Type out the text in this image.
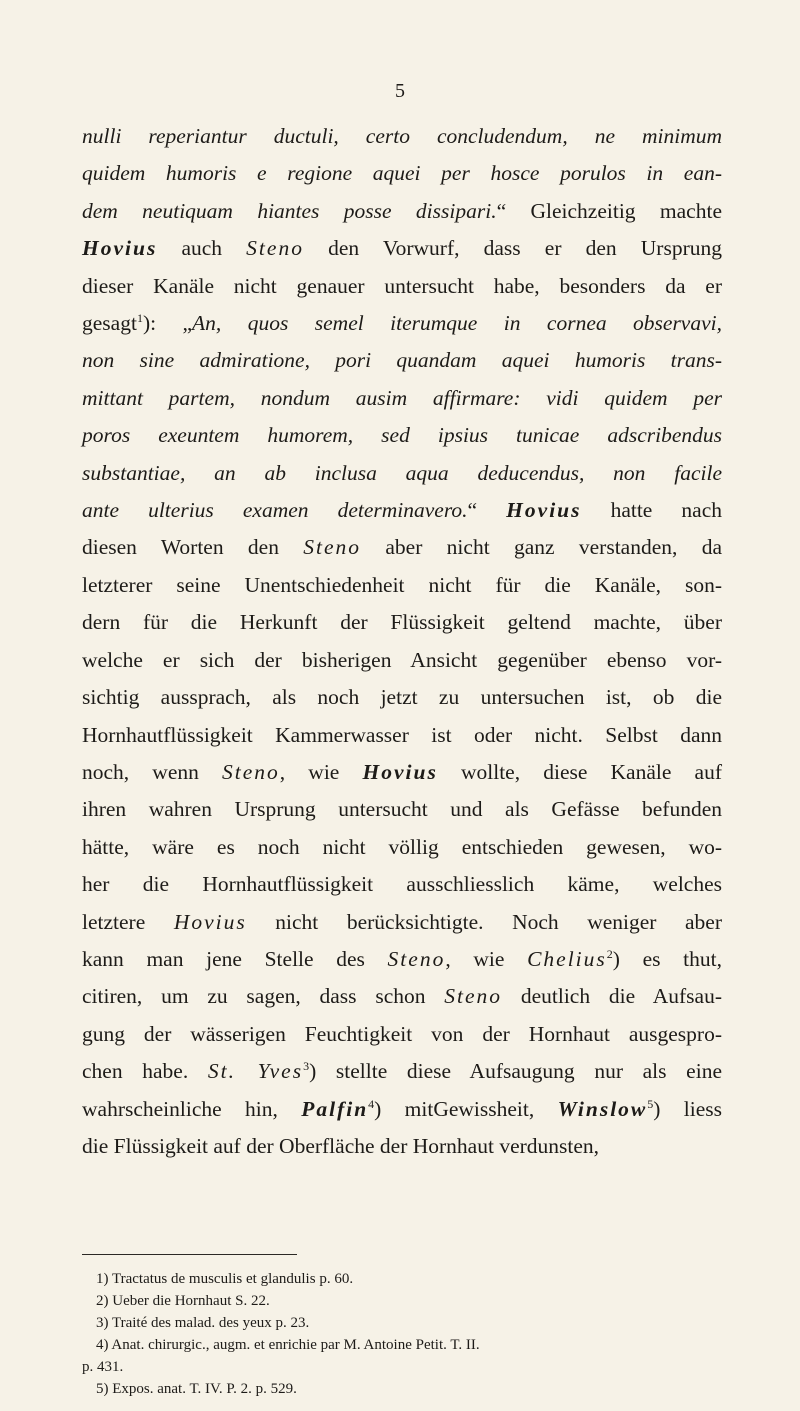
5
nulli reperiantur ductuli, certo concludendum, ne minimum
quidem humoris e regione aquei per hosce porulos in ean-
dem neutiquam hiantes posse dissipari.“ Gleichzeitig machte
Hovius auch Steno den Vorwurf, dass er den Ursprung
dieser Kanäle nicht genauer untersucht habe, besonders da er
gesagt$^1$): „An, quos semel iterumque in cornea observavi,
non sine admiratione, pori quandam aquei humoris trans-
mittant partem, nondum ausim affirmare: vidi quidem per
poros exeuntem humorem, sed ipsius tunicae adscribendus
substantiae, an ab inclusa aqua deducendus, non facile
ante ulterius examen determinavero.“ Hovius hatte nach
diesen Worten den Steno aber nicht ganz verstanden, da
letzterer seine Unentschiedenheit nicht für die Kanäle, son-
dern für die Herkunft der Flüssigkeit geltend machte, über
welche er sich der bisherigen Ansicht gegenüber ebenso vor-
sichtig aussprach, als noch jetzt zu untersuchen ist, ob die
Hornhautflüssigkeit Kammerwasser ist oder nicht. Selbst dann
noch, wenn Steno, wie Hovius wollte, diese Kanäle auf
ihren wahren Ursprung untersucht und als Gefässe befunden
hätte, wäre es noch nicht völlig entschieden gewesen, wo-
her die Hornhautflüssigkeit ausschliesslich käme, welches
letztere Hovius nicht berücksichtigte. Noch weniger aber
kann man jene Stelle des Steno, wie Chelius$^2$) es thut,
citiren, um zu sagen, dass schon Steno deutlich die Aufsau-
gung der wässerigen Feuchtigkeit von der Hornhaut ausgespro-
chen habe. St. Yves$^3$) stellte diese Aufsaugung nur als eine
wahrscheinliche hin, Palfin$^4$) mitGewissheit, Winslow$^5$) liess
die Flüssigkeit auf der Oberfläche der Hornhaut verdunsten,
1) Tractatus de musculis et glandulis p. 60.
2) Ueber die Hornhaut S. 22.
3) Traité des malad. des yeux p. 23.
4) Anat. chirurgic., augm. et enrichie par M. Antoine Petit. T. II.
p. 431.
5) Expos. anat. T. IV. P. 2. p. 529.
